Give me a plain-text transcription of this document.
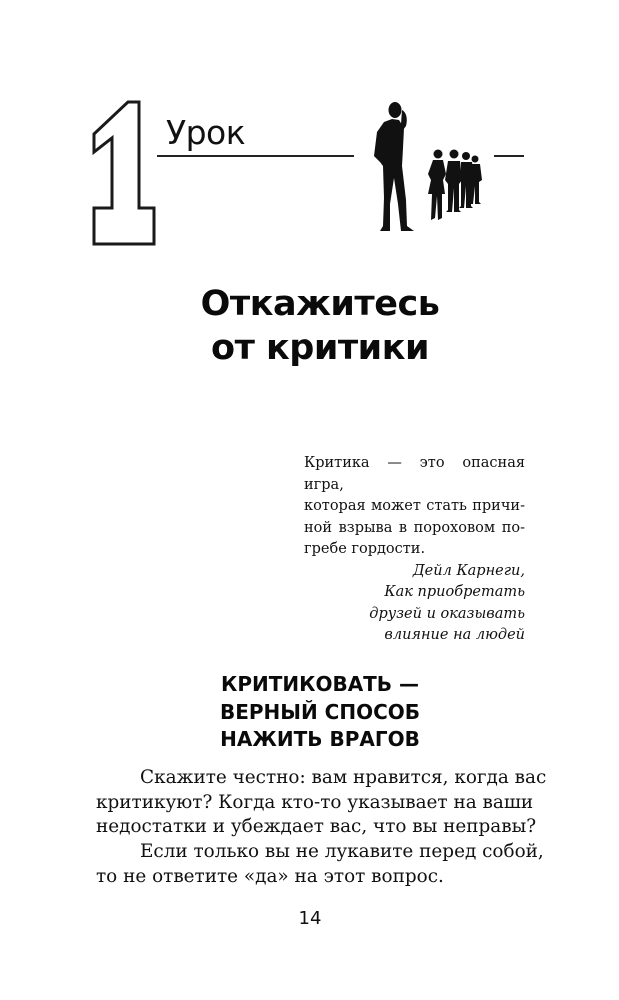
Урок
Откажитесь
от критики
Критика — это опасная игра,
которая может стать причи-
ной взрыва в пороховом по-
гребе гордости.
Дейл Карнеги,
Как приобретать
друзей и оказывать
влияние на людей
КРИТИКОВАТЬ —
ВЕРНЫЙ СПОСОБ
НАЖИТЬ ВРАГОВ
Скажите честно: вам нравится, когда вас
критикуют? Когда кто-то указывает на ваши
недостатки и убеждает вас, что вы неправы?
Если только вы не лукавите перед собой,
то не ответите «да» на этот вопрос.
14
